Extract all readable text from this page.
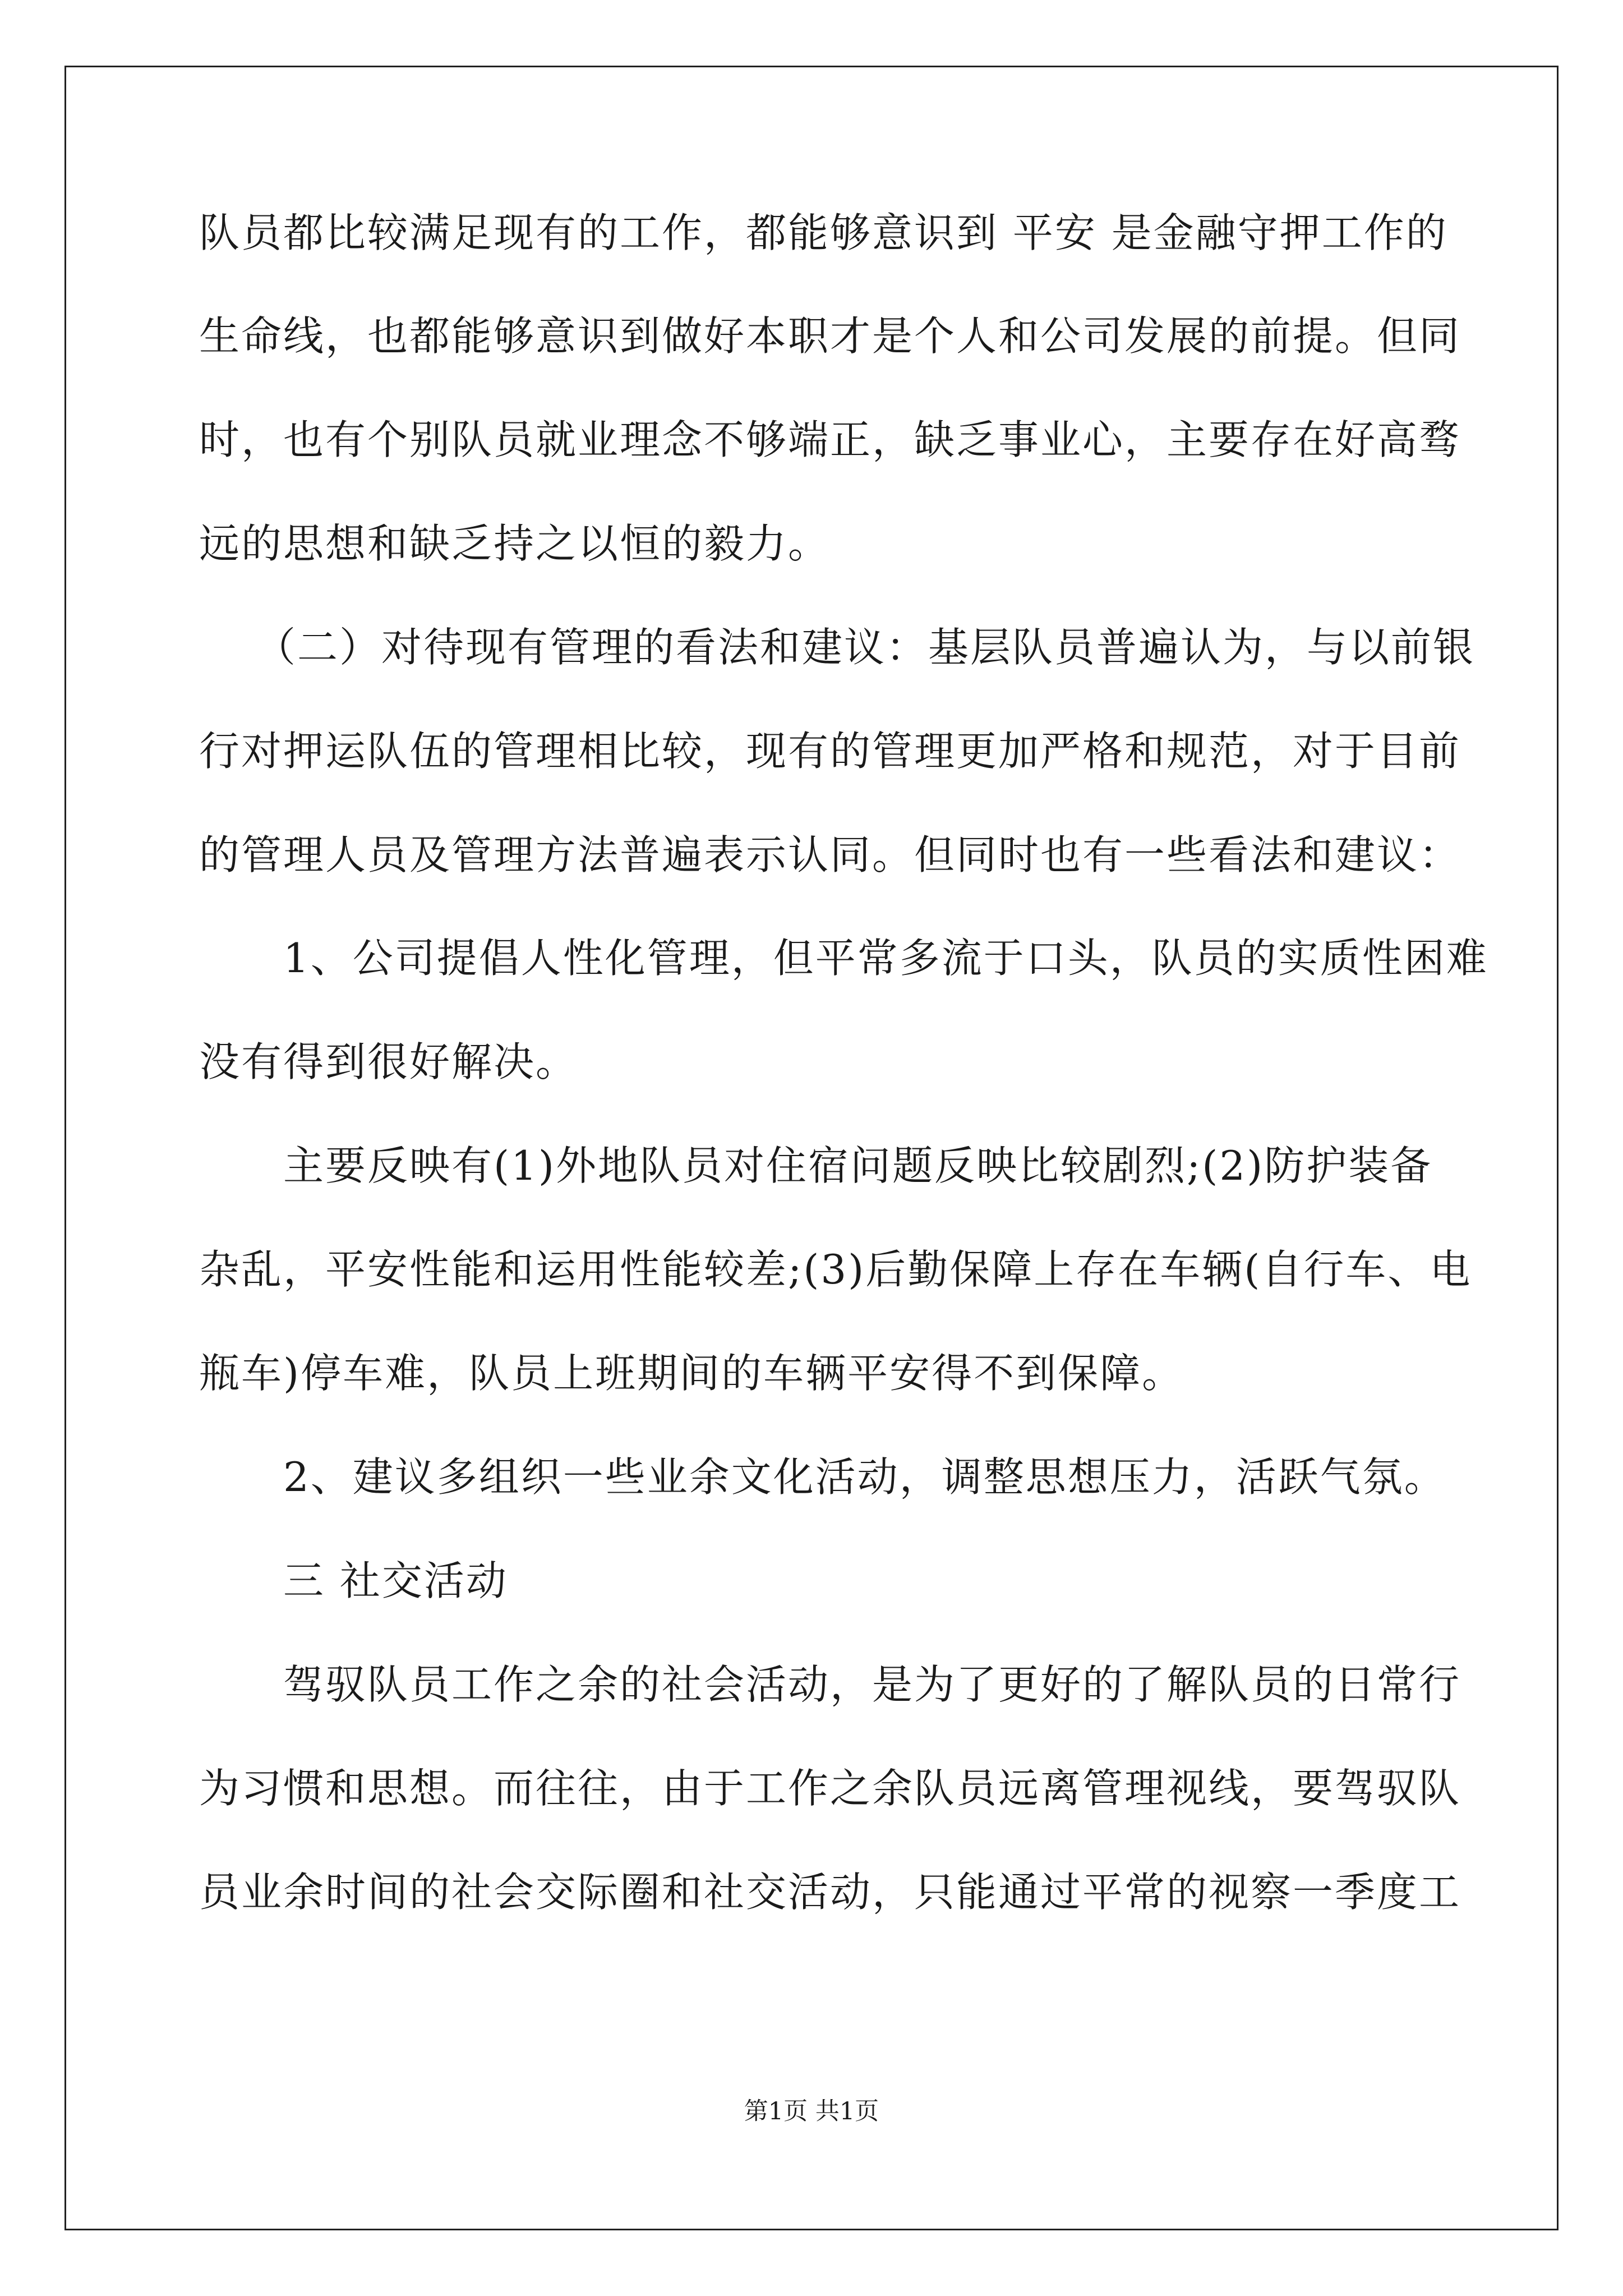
队员都比较满足现有的工作，都能够意识到 平安 是金融守押工作的
生命线，也都能够意识到做好本职才是个人和公司发展的前提。但同
时，也有个别队员就业理念不够端正，缺乏事业心，主要存在好高骛
远的思想和缺乏持之以恒的毅力。
（二）对待现有管理的看法和建议：基层队员普遍认为，与以前银
行对押运队伍的管理相比较，现有的管理更加严格和规范，对于目前
的管理人员及管理方法普遍表示认同。但同时也有一些看法和建议：
1、公司提倡人性化管理，但平常多流于口头，队员的实质性困难
没有得到很好解决。
主要反映有(1)外地队员对住宿问题反映比较剧烈;(2)防护装备
杂乱，平安性能和运用性能较差;(3)后勤保障上存在车辆(自行车、电
瓶车)停车难，队员上班期间的车辆平安得不到保障。
2、建议多组织一些业余文化活动，调整思想压力，活跃气氛。
三 社交活动
驾驭队员工作之余的社会活动，是为了更好的了解队员的日常行
为习惯和思想。而往往，由于工作之余队员远离管理视线，要驾驭队
员业余时间的社会交际圈和社交活动，只能通过平常的视察一季度工
第1页 共1页
